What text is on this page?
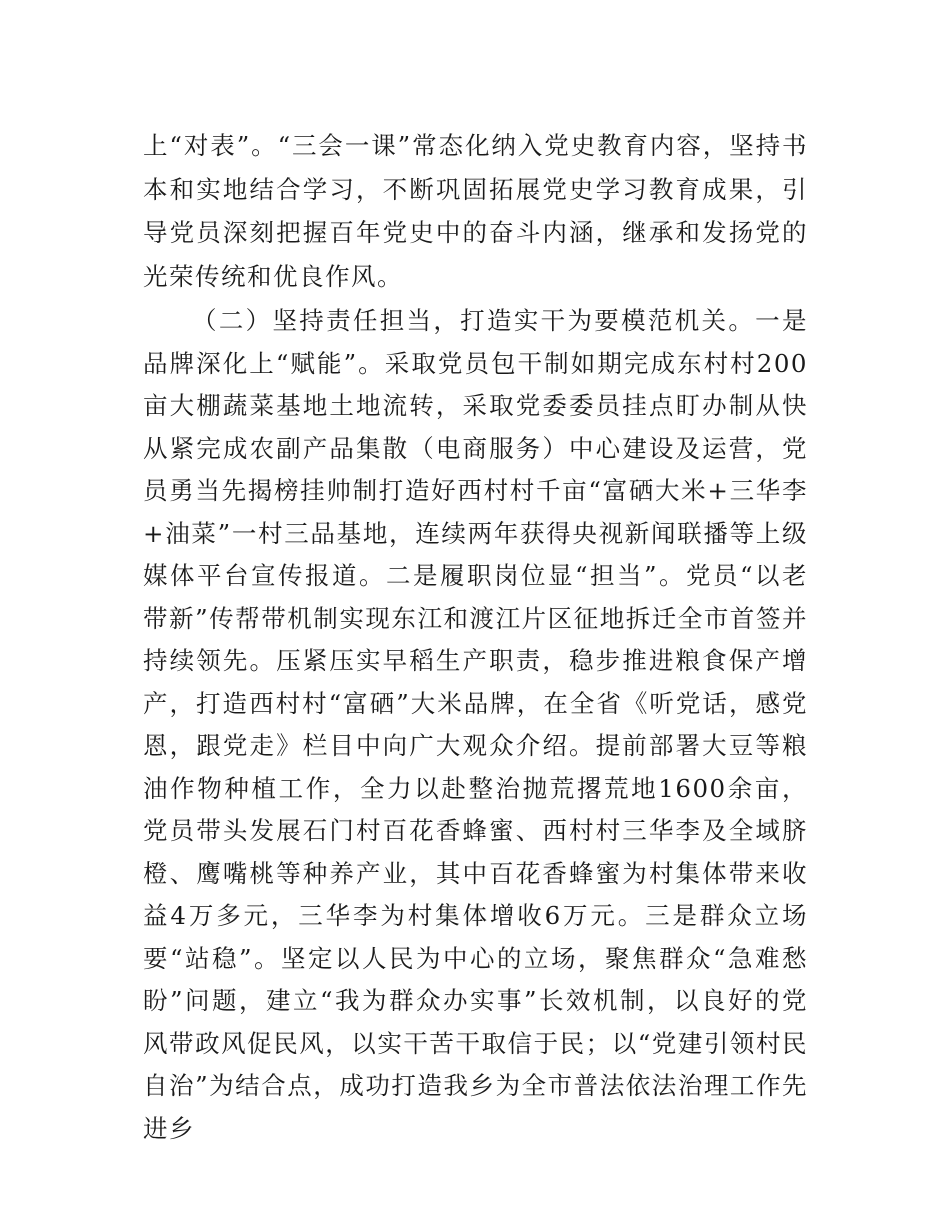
上“对表”。“三会一课”常态化纳入党史教育内容，坚持书本和实地结合学习，不断巩固拓展党史学习教育成果，引导党员深刻把握百年党史中的奋斗内涵，继承和发扬党的光荣传统和优良作风。

（二）坚持责任担当，打造实干为要模范机关。一是品牌深化上“赋能”。采取党员包干制如期完成东村村200亩大棚蔬菜基地土地流转，采取党委委员挂点盯办制从快从紧完成农副产品集散（电商服务）中心建设及运营，党员勇当先揭榜挂帅制打造好西村村千亩“富硒大米+三华李+油菜”一村三品基地，连续两年获得央视新闻联播等上级媒体平台宣传报道。二是履职岗位显“担当”。党员“以老带新”传帮带机制实现东江和渡江片区征地拆迁全市首签并持续领先。压紧压实早稻生产职责，稳步推进粮食保产增产，打造西村村“富硒”大米品牌，在全省《听党话，感党恩，跟党走》栏目中向广大观众介绍。提前部署大豆等粮油作物种植工作，全力以赴整治抛荒撂荒地1600余亩，党员带头发展石门村百花香蜂蜜、西村村三华李及全域脐橙、鹰嘴桃等种养产业，其中百花香蜂蜜为村集体带来收益4万多元，三华李为村集体增收6万元。三是群众立场要“站稳”。坚定以人民为中心的立场，聚焦群众“急难愁盼”问题，建立“我为群众办实事”长效机制，以良好的党风带政风促民风，以实干苦干取信于民；以“党建引领村民自治”为结合点，成功打造我乡为全市普法依法治理工作先进乡
